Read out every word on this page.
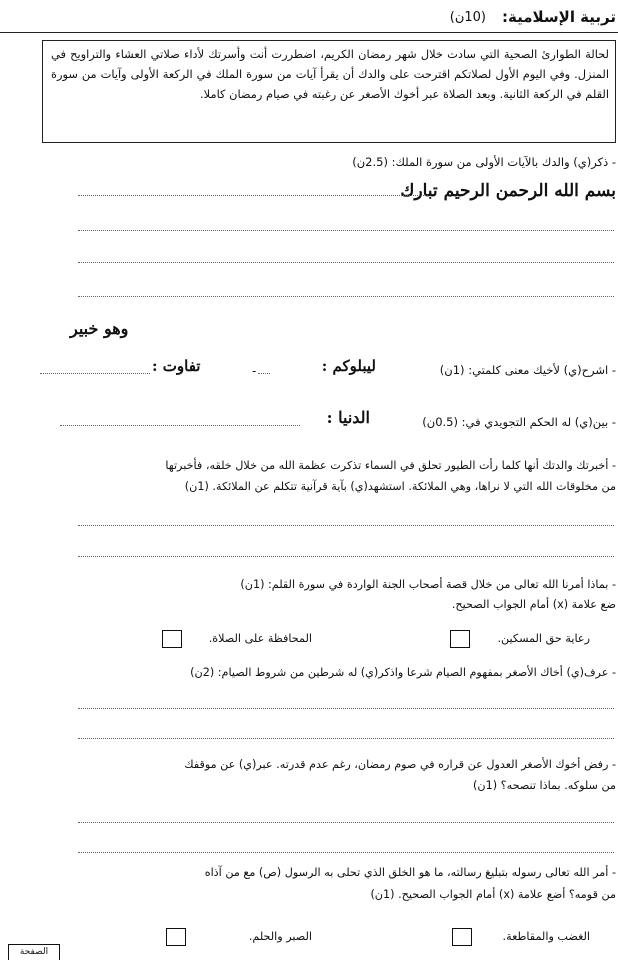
تربية الإسلامية:
(10ن)

لحالة الطوارئ الصحية التي سادت خلال شهر رمضان الكريم، اضطررت أنت وأسرتك لأداء صلاتي العشاء والتراويح في المنزل. وفي اليوم الأول لصلاتكم اقترحت على والدك أن يقرأ آيات من سورة الملك في الركعة الأولى وآيات من سورة القلم في الركعة الثانية. وبعد الصلاة عبر أخوك الأصغر عن رغبته في صيام رمضان كاملا.

- ذكر(ي) والدك بالآيات الأولى من سورة الملك: (2.5ن)
بسم الله الرحمن الرحيم تبارك
وهو خبير
- اشرح(ي) لأخيك معنى كلمتي: (1ن)
ليبلوكم :
-
تفاوت :
- بين(ي) له الحكم التجويدي في: (0.5ن)
الدنيا :
- أخبرتك والدتك أنها كلما رأت الطيور تحلق في السماء تذكرت عظمة الله من خلال خلقه، فأخبرتها
من مخلوقات الله التي لا نراها، وهي الملائكة. استشهد(ي) بآية قرآنية تتكلم عن الملائكة. (1ن)
- بماذا أمرنا الله تعالى من خلال قصة أصحاب الجنة الواردة في سورة القلم: (1ن)
ضع علامة (x) أمام الجواب الصحيح.
رعاية حق المسكين.
المحافظة على الصلاة.
- عرف(ي) أخاك الأصغر بمفهوم الصيام شرعا واذكر(ي) له شرطين من شروط الصيام: (2ن)
- رفض أخوك الأصغر العدول عن قراره في صوم رمضان، رغم عدم قدرته. عبر(ي) عن موقفك
من سلوكه. بماذا تنصحه؟ (1ن)
- أمر الله تعالى رسوله بتبليغ رسالته، ما هو الخلق الذي تحلى به الرسول (ص) مع من آذاه
من قومه؟ أضع علامة (x) أمام الجواب الصحيح. (1ن)
الغضب والمقاطعة.
الصبر والحلم.
الصفحة
